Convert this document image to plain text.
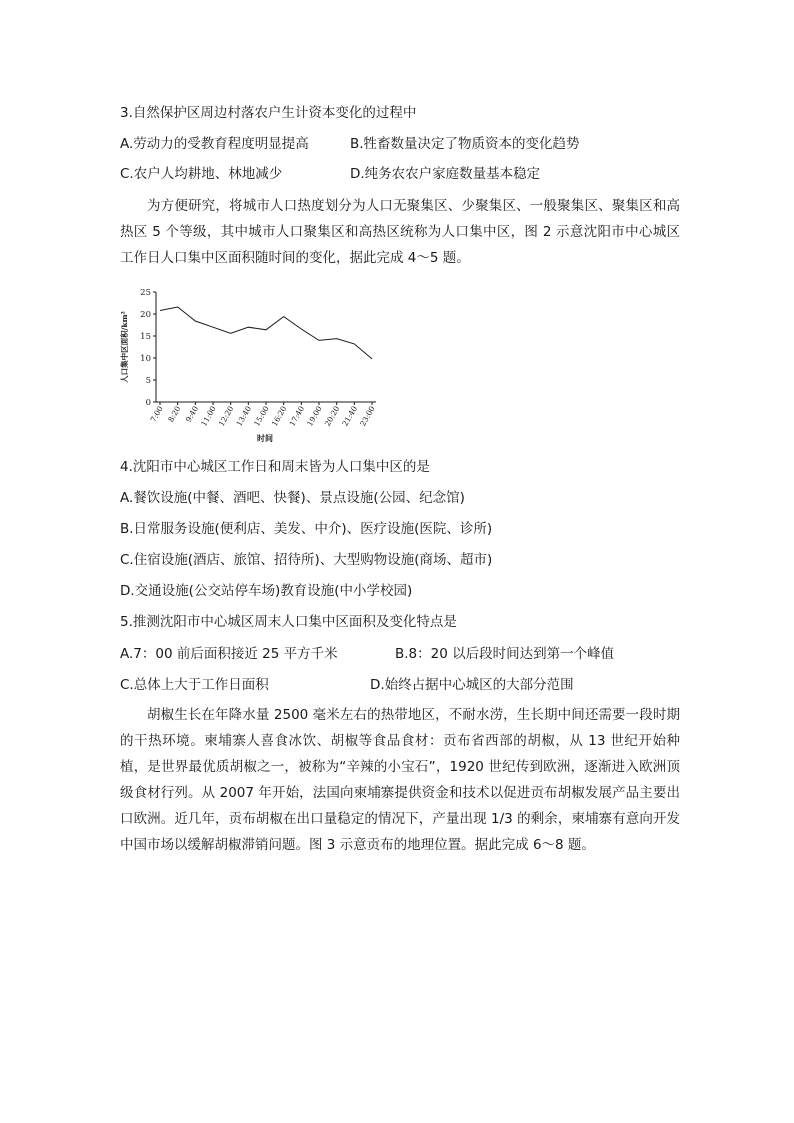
3.自然保护区周边村落农户生计资本变化的过程中
A.劳动力的受教育程度明显提高	B.牲畜数量决定了物质资本的变化趋势
C.农户人均耕地、林地减少	D.纯务农农户家庭数量基本稳定
为方便研究，将城市人口热度划分为人口无聚集区、少聚集区、一般聚集区、聚集区和高热区 5 个等级，其中城市人口聚集区和高热区统称为人口集中区，图 2 示意沈阳市中心城区工作日人口集中区面积随时间的变化，据此完成 4～5 题。
0
5
10
15
20
25
7:00 8:20 9:40 11:00 12:20 13:40 15:00 16:20 17:40 19:00 20:20 21:40 23:00
人口集中区面积/km²
时间
4.沈阳市中心城区工作日和周末皆为人口集中区的是
A.餐饮设施(中餐、酒吧、快餐)、景点设施(公园、纪念馆)
B.日常服务设施(便利店、美发、中介)、医疗设施(医院、诊所)
C.住宿设施(酒店、旅馆、招待所)、大型购物设施(商场、超市)
D.交通设施(公交站停车场)教育设施(中小学校园)
5.推测沈阳市中心城区周末人口集中区面积及变化特点是
A.7：00 前后面积接近 25 平方千米	B.8：20 以后段时间达到第一个峰值
C.总体上大于工作日面积	D.始终占据中心城区的大部分范围
胡椒生长在年降水量 2500 毫米左右的热带地区，不耐水涝，生长期中间还需要一段时期的干热环境。柬埔寨人喜食冰饮、胡椒等食品食材：贡布省西部的胡椒，从 13 世纪开始种植，是世界最优质胡椒之一，被称为“辛辣的小宝石”，1920 世纪传到欧洲，逐渐进入欧洲顶级食材行列。从 2007 年开始，法国向柬埔寨提供资金和技术以促进贡布胡椒发展产品主要出口欧洲。近几年，贡布胡椒在出口量稳定的情况下，产量出现 1/3 的剩余，柬埔寨有意向开发中国市场以缓解胡椒滞销问题。图 3 示意贡布的地理位置。据此完成 6～8 题。
